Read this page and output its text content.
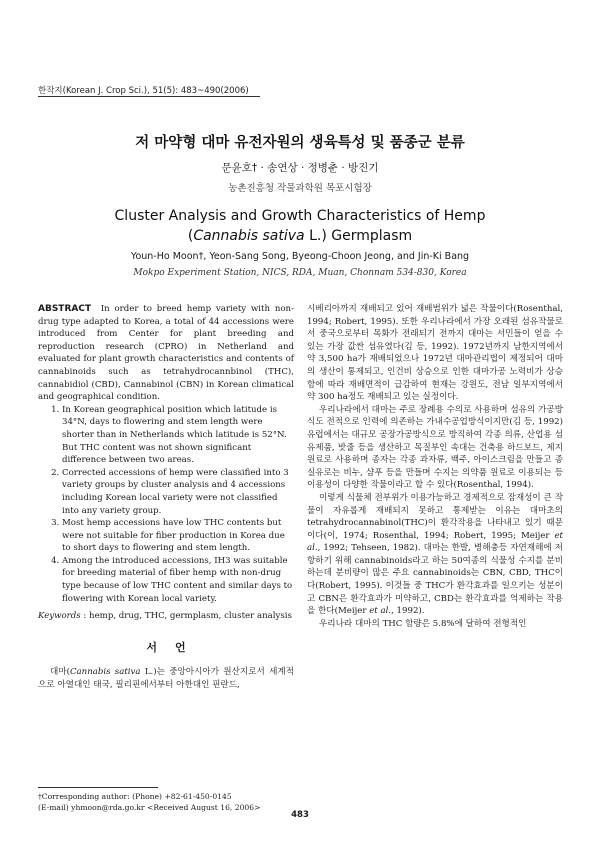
한작지(Korean J. Crop Sci.), 51(5): 483~490(2006)
저 마약형 대마 유전자원의 생육특성 및 품종군 분류
문윤호† · 송연상 · 정병춘 · 방진기
농촌진흥청 작물과학원 목포시험장
Cluster Analysis and Growth Characteristics of Hemp
(Cannabis sativa L.) Germplasm
Youn-Ho Moon†, Yeon-Sang Song, Byeong-Choon Jeong, and Jin-Ki Bang
Mokpo Experiment Station, NICS, RDA, Muan, Chonnam 534-830, Korea

ABSTRACT In order to breed hemp variety with non-drug type adapted to Korea, a total of 44 accessions were introduced from Center for plant breeding and reproduction research (CPRO) in Netherland and evaluated for plant growth characteristics and contents of cannabinoids such as tetrahydrocannbinol (THC), cannabidiol (CBD), Cannabinol (CBN) in Korean climatical and geographical condition.

1. In Korean geographical position which latitude is 34°N, days to flowering and stem length were shorter than in Netherlands which latitude is 52°N. But THC content was not shown significant difference between two areas.
2. Corrected accessions of hemp were classified into 3 variety groups by cluster analysis and 4 accessions including Korean local variety were not classified into any variety group.
3. Most hemp accessions have low THC contents but were not suitable for fiber production in Korea due to short days to flowering and stem length.
4. Among the introduced accessions, IH3 was suitable for breeding material of fiber hemp with non-drug type because of low THC content and similar days to flowering with Korean local variety.

Keywords : hemp, drug, THC, germplasm, cluster analysis

서언

대마(Cannabis sativa L.)는 중앙아시아가 원산지로서 세계적으로 아열대인 태국, 필리핀에서부터 아한대인 핀란드,

시베리아까지 재배되고 있어 재배범위가 넓은 작물이다(Rosenthal, 1994; Robert, 1995). 또한 우리나라에서 가장 오래된 섬유작물로서 중국으로부터 목화가 전래되기 전까지 대마는 서민들이 얻을 수 있는 가장 값싼 섬유였다(김 등, 1992). 1972년까지 남한지역에서 약 3,500 ha가 재배되었으나 1972년 대마관리법이 제정되어 대마의 생산이 통제되고, 인건비 상승으로 인한 대마가공 노력비가 상승함에 따라 재배면적이 급감하여 현재는 강원도, 전남 일부지역에서 약 300 ha정도 재배되고 있는 실정이다.

우리나라에서 대마는 주로 장례용 수의로 사용하며 섬유의 가공방식도 전적으로 인력에 의존하는 가내수공업방식이지만(김 등, 1992) 유럽에서는 대규모 공장가공방식으로 방직하여 각종 의류, 산업용 섬유제품, 밧줄 등을 생산하고 목질부인 속대는 건축용 하드보드, 제지원료로 사용하며 종자는 각종 과자류, 백주, 아이스크림을 만들고 종실유로는 비누, 샴푸 등을 만들며 수지는 의약품 원료로 이용되는 등 이용성이 다양한 작물이라고 할 수 있다(Rosenthal, 1994).

이렇게 식물체 전부위가 이용가능하고 경제적으로 잠재성이 큰 작물이 자유롭게 재배되지 못하고 통제받는 이유는 대마초의 tetrahydrocannabinol(THC)이 환각작용을 나타내고 있기 때문이다(이, 1974; Rosenthal, 1994; Robert, 1995; Meijer et al., 1992; Tehseen, 1982). 대마는 한발, 병해충등 자연재해에 저항하기 위해 cannabinoids라고 하는 50여종의 식물성 수지를 분비하는데 분비량이 많은 주요 cannabinoids는 CBN, CBD, THC이다(Robert, 1995). 이것들 중 THC가 환각효과를 일으키는 성분이고 CBN은 환각효과가 미약하고, CBD는 환각효과를 억제하는 작용을 한다(Meijer et al., 1992).

우리나라 대마의 THC 함량은 5.8%에 달하여 전형적인

†Corresponding author: (Phone) +82-61-450-0145
(E-mail) yhmoon@rda.go.kr <Received August 16, 2006>
483
